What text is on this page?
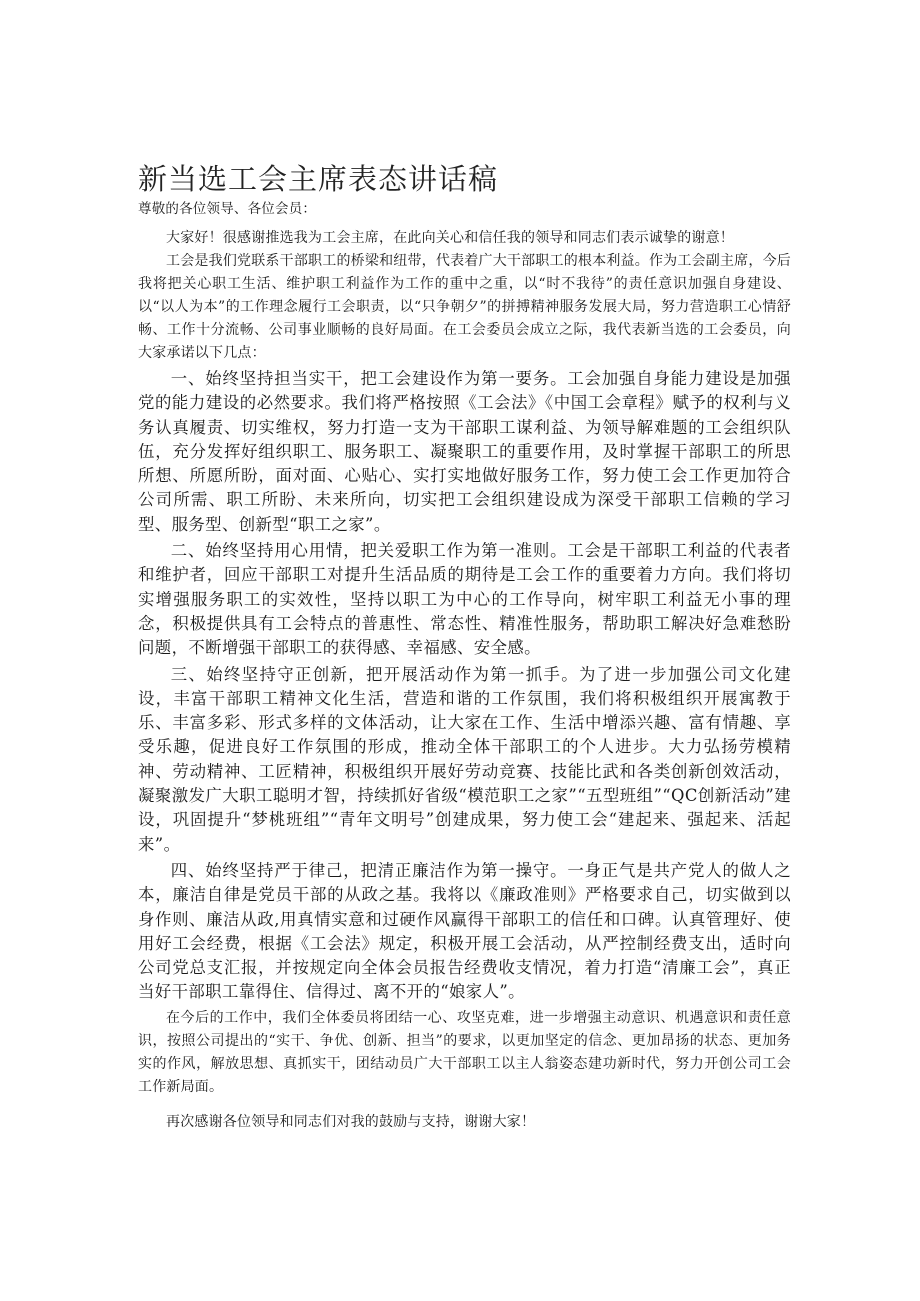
新当选工会主席表态讲话稿

尊敬的各位领导、各位会员：

大家好！很感谢推选我为工会主席，在此向关心和信任我的领导和同志们表示诚挚的谢意！

工会是我们党联系干部职工的桥梁和纽带，代表着广大干部职工的根本利益。作为工会副主席，今后我将把关心职工生活、维护职工利益作为工作的重中之重，以“时不我待”的责任意识加强自身建设、以“以人为本”的工作理念履行工会职责，以“只争朝夕”的拼搏精神服务发展大局，努力营造职工心情舒畅、工作十分流畅、公司事业顺畅的良好局面。在工会委员会成立之际，我代表新当选的工会委员，向大家承诺以下几点：

一、始终坚持担当实干，把工会建设作为第一要务。工会加强自身能力建设是加强党的能力建设的必然要求。我们将严格按照《工会法》《中国工会章程》赋予的权利与义务认真履责、切实维权，努力打造一支为干部职工谋利益、为领导解难题的工会组织队伍，充分发挥好组织职工、服务职工、凝聚职工的重要作用，及时掌握干部职工的所思所想、所愿所盼，面对面、心贴心、实打实地做好服务工作，努力使工会工作更加符合公司所需、职工所盼、未来所向，切实把工会组织建设成为深受干部职工信赖的学习型、服务型、创新型“职工之家”。

二、始终坚持用心用情，把关爱职工作为第一准则。工会是干部职工利益的代表者和维护者，回应干部职工对提升生活品质的期待是工会工作的重要着力方向。我们将切实增强服务职工的实效性，坚持以职工为中心的工作导向，树牢职工利益无小事的理念，积极提供具有工会特点的普惠性、常态性、精准性服务，帮助职工解决好急难愁盼问题，不断增强干部职工的获得感、幸福感、安全感。

三、始终坚持守正创新，把开展活动作为第一抓手。为了进一步加强公司文化建设，丰富干部职工精神文化生活，营造和谐的工作氛围，我们将积极组织开展寓教于乐、丰富多彩、形式多样的文体活动，让大家在工作、生活中增添兴趣、富有情趣、享受乐趣，促进良好工作氛围的形成，推动全体干部职工的个人进步。大力弘扬劳模精神、劳动精神、工匠精神，积极组织开展好劳动竞赛、技能比武和各类创新创效活动，凝聚激发广大职工聪明才智，持续抓好省级“模范职工之家”“五型班组”“QC创新活动”建设，巩固提升“梦桃班组”“青年文明号”创建成果，努力使工会“建起来、强起来、活起来”。

四、始终坚持严于律己，把清正廉洁作为第一操守。一身正气是共产党人的做人之本，廉洁自律是党员干部的从政之基。我将以《廉政准则》严格要求自己，切实做到以身作则、廉洁从政,用真情实意和过硬作风赢得干部职工的信任和口碑。认真管理好、使用好工会经费，根据《工会法》规定，积极开展工会活动，从严控制经费支出，适时向公司党总支汇报，并按规定向全体会员报告经费收支情况，着力打造“清廉工会”，真正当好干部职工靠得住、信得过、离不开的“娘家人”。

在今后的工作中，我们全体委员将团结一心、攻坚克难，进一步增强主动意识、机遇意识和责任意识，按照公司提出的“实干、争优、创新、担当”的要求，以更加坚定的信念、更加昂扬的状态、更加务实的作风，解放思想、真抓实干，团结动员广大干部职工以主人翁姿态建功新时代，努力开创公司工会工作新局面。

再次感谢各位领导和同志们对我的鼓励与支持，谢谢大家！
